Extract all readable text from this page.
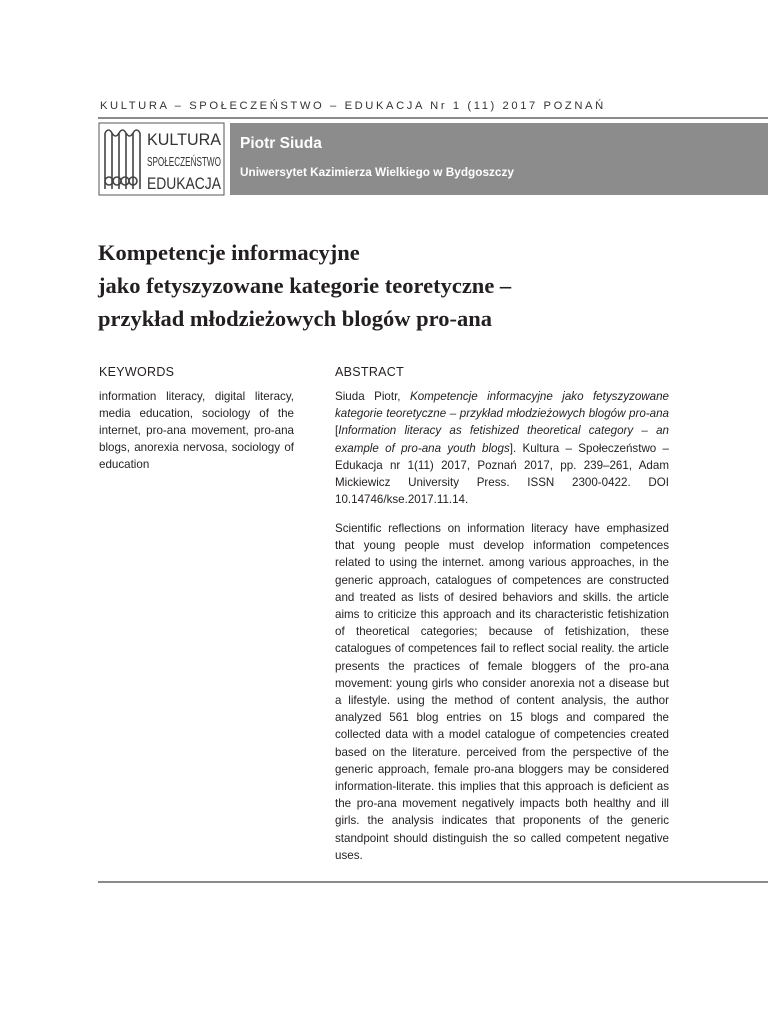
KULTURA – SPOŁECZEŃSTWO – EDUKACJA Nr 1 (11) 2017 POZNAŃ
KULTURA
SPOŁECZEŃSTWO
EDUKACJA
Piotr Siuda
Uniwersytet Kazimierza Wielkiego w Bydgoszczy
Kompetencje informacyjne
jako fetyszyzowane kategorie teoretyczne –
przykład młodzieżowych blogów pro-ana
KEYWORDS
information literacy, digital literacy, media education, sociology of the internet, pro-ana movement, pro-ana blogs, anorexia nervosa, sociology of education
ABSTRACT
Siuda Piotr, Kompetencje informacyjne jako fetyszyzowane kategorie teoretyczne – przykład młodzieżowych blogów pro-ana [Information literacy as fetishized theoretical category – an example of pro-ana youth blogs]. Kultura – Społeczeństwo – Edukacja nr 1(11) 2017, Poznań 2017, pp. 239–261, Adam Mickiewicz University Press. ISSN 2300-0422. DOI 10.14746/kse.2017.11.14.
Scientific reflections on information literacy have emphasized that young people must develop information competences related to using the internet. among various approaches, in the generic approach, catalogues of competences are constructed and treated as lists of desired behaviors and skills. the article aims to criticize this approach and its characteristic fetishization of theoretical categories; because of fetishization, these catalogues of competences fail to reflect social reality. the article presents the practices of female bloggers of the pro-ana movement: young girls who consider anorexia not a disease but a lifestyle. using the method of content analysis, the author analyzed 561 blog entries on 15 blogs and compared the collected data with a model catalogue of competencies created based on the literature. perceived from the perspective of the generic approach, female pro-ana bloggers may be considered information-literate. this implies that this approach is deficient as the pro-ana movement negatively impacts both healthy and ill girls. the analysis indicates that proponents of the generic standpoint should distinguish the so called competent negative uses.
